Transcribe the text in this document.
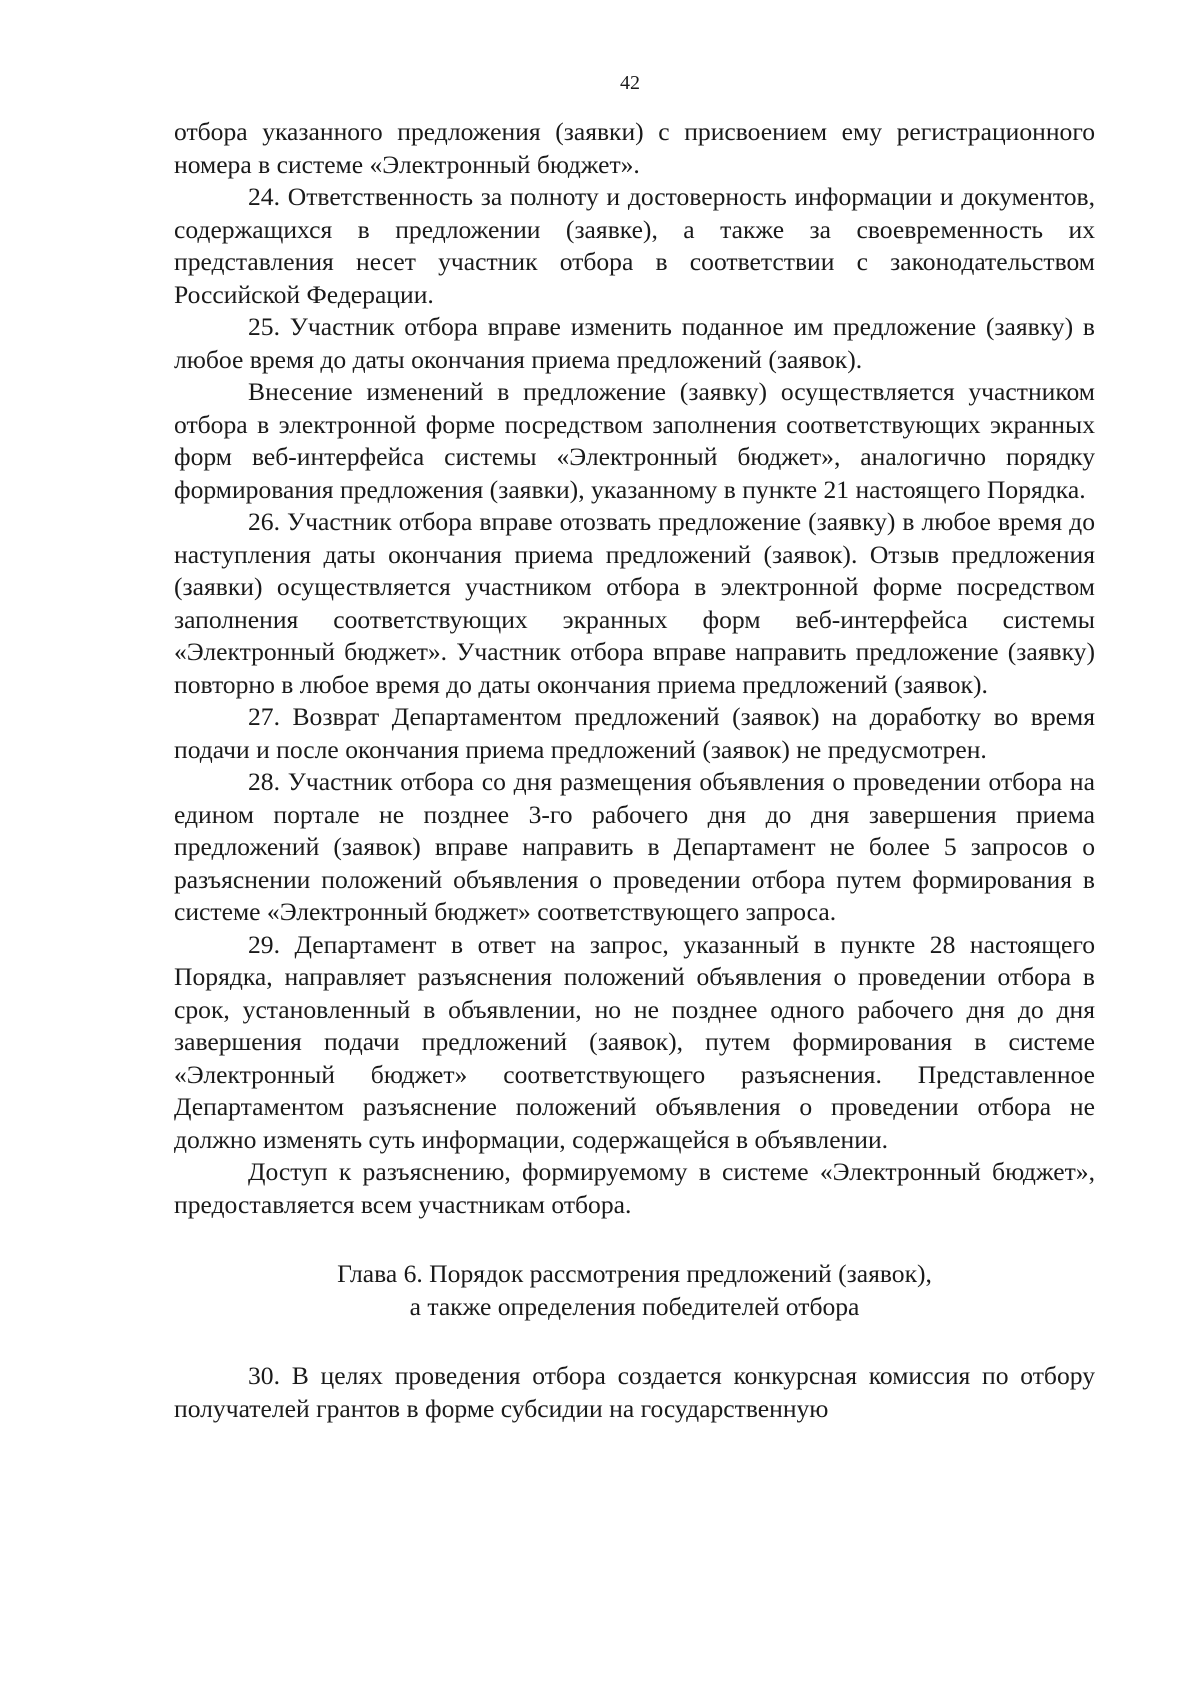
42

отбора указанного предложения (заявки) с присвоением ему регистрационного номера в системе «Электронный бюджет».

24. Ответственность за полноту и достоверность информации и документов, содержащихся в предложении (заявке), а также за своевременность их представления несет участник отбора в соответствии с законодательством Российской Федерации.

25. Участник отбора вправе изменить поданное им предложение (заявку) в любое время до даты окончания приема предложений (заявок).

Внесение изменений в предложение (заявку) осуществляется участником отбора в электронной форме посредством заполнения соответствующих экранных форм веб-интерфейса системы «Электронный бюджет», аналогично порядку формирования предложения (заявки), указанному в пункте 21 настоящего Порядка.

26. Участник отбора вправе отозвать предложение (заявку) в любое время до наступления даты окончания приема предложений (заявок). Отзыв предложения (заявки) осуществляется участником отбора в электронной форме посредством заполнения соответствующих экранных форм веб-интерфейса системы «Электронный бюджет». Участник отбора вправе направить предложение (заявку) повторно в любое время до даты окончания приема предложений (заявок).

27. Возврат Департаментом предложений (заявок) на доработку во время подачи и после окончания приема предложений (заявок) не предусмотрен.

28. Участник отбора со дня размещения объявления о проведении отбора на едином портале не позднее 3-го рабочего дня до дня завершения приема предложений (заявок) вправе направить в Департамент не более 5 запросов о разъяснении положений объявления о проведении отбора путем формирования в системе «Электронный бюджет» соответствующего запроса.

29. Департамент в ответ на запрос, указанный в пункте 28 настоящего Порядка, направляет разъяснения положений объявления о проведении отбора в срок, установленный в объявлении, но не позднее одного рабочего дня до дня завершения подачи предложений (заявок), путем формирования в системе «Электронный бюджет» соответствующего разъяснения. Представленное Департаментом разъяснение положений объявления о проведении отбора не должно изменять суть информации, содержащейся в объявлении.

Доступ к разъяснению, формируемому в системе «Электронный бюджет», предоставляется всем участникам отбора.

Глава 6. Порядок рассмотрения предложений (заявок),
а также определения победителей отбора

30. В целях проведения отбора создается конкурсная комиссия по отбору получателей грантов в форме субсидии на государственную
